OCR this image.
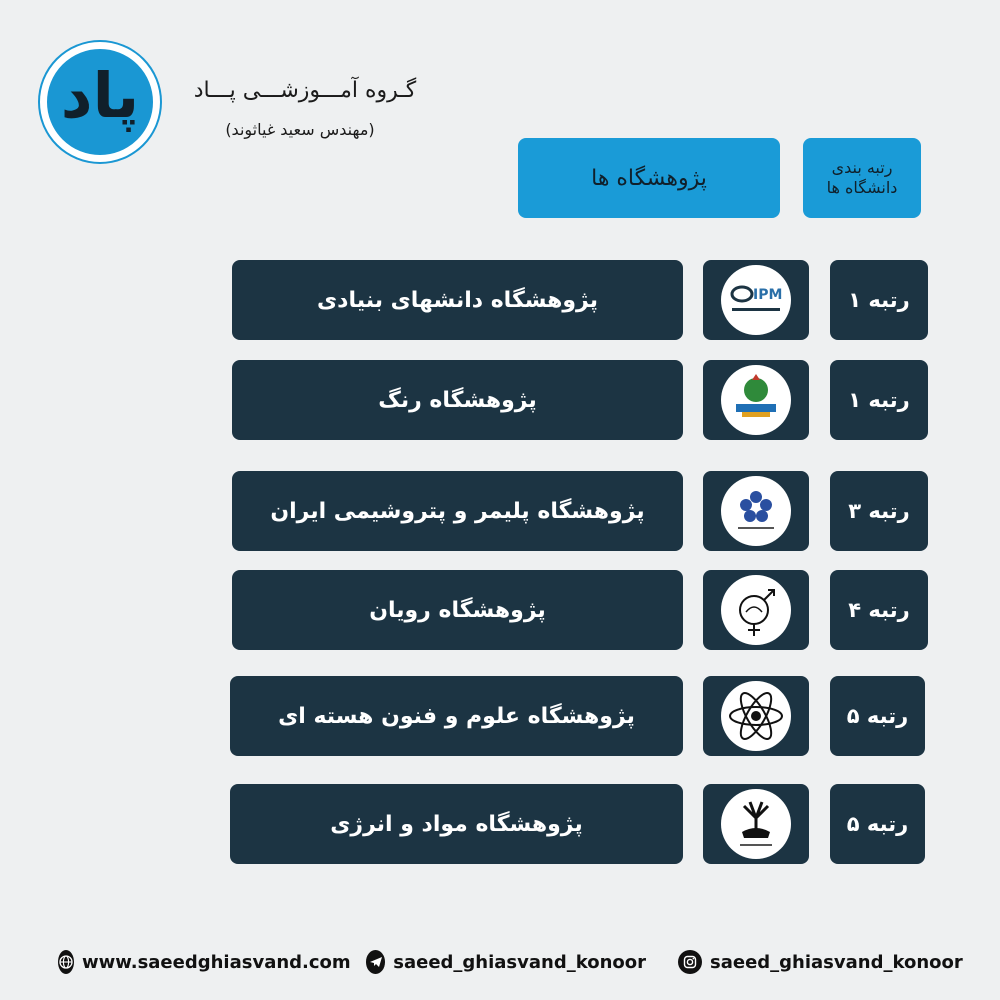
پاد	گـروه آمـــوزشـــی پـــاد
(مهندس سعید غیاثوند)
پژوهشگاه ها	رتبه بندی
دانشگاه ها
پژوهشگاه دانشهای بنیادی	IPM	رتبه ۱
پژوهشگاه رنگ	رتبه ۱
پژوهشگاه پلیمر و پتروشیمی ایران	رتبه ۳
پژوهشگاه رویان	رتبه ۴
پژوهشگاه علوم و فنون هسته ای	رتبه ۵
پژوهشگاه مواد و انرژی	رتبه ۵
www.saeedghiasvand.com saeed_ghiasvand_konoor	saeed_ghiasvand_konoor
